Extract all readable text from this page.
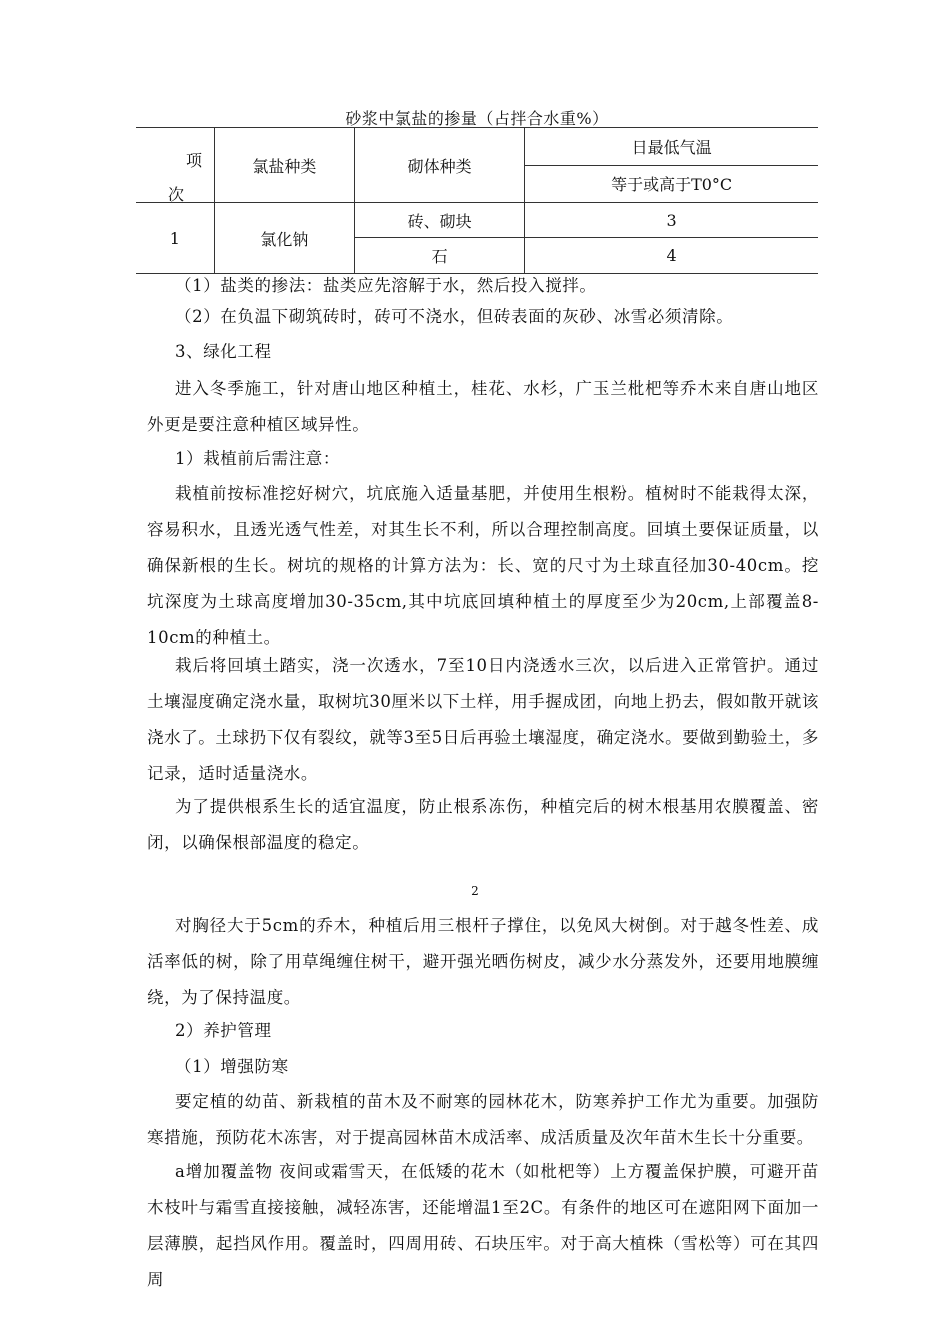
砂浆中氯盐的掺量（占拌合水重%）
项
次	氯盐种类	砌体种类	日最低气温
			等于或高于T0°C
1	氯化钠	砖、砌块	3
		石	4

（1）盐类的掺法：盐类应先溶解于水，然后投入搅拌。

（2）在负温下砌筑砖时，砖可不浇水，但砖表面的灰砂、冰雪必须清除。

3、绿化工程

进入冬季施工，针对唐山地区种植土，桂花、水杉，广玉兰枇杷等乔木来自唐山地区外更是要注意种植区域异性。

1）栽植前后需注意：

栽植前按标准挖好树穴，坑底施入适量基肥，并使用生根粉。植树时不能栽得太深，容易积水，且透光透气性差，对其生长不利，所以合理控制高度。回填土要保证质量，以确保新根的生长。树坑的规格的计算方法为：长、宽的尺寸为土球直径加30-40cm。挖坑深度为土球高度增加30-35cm,其中坑底回填种植土的厚度至少为20cm,上部覆盖8-10cm的种植土。

栽后将回填土踏实，浇一次透水，7至10日内浇透水三次，以后进入正常管护。通过土壤湿度确定浇水量，取树坑30厘米以下土样，用手握成团，向地上扔去，假如散开就该浇水了。土球扔下仅有裂纹，就等3至5日后再验土壤湿度，确定浇水。要做到勤验土，多记录，适时适量浇水。

为了提供根系生长的适宜温度，防止根系冻伤，种植完后的树木根基用农膜覆盖、密闭，以确保根部温度的稳定。

2

对胸径大于5cm的乔木，种植后用三根杆子撑住，以免风大树倒。对于越冬性差、成活率低的树，除了用草绳缠住树干，避开强光晒伤树皮，减少水分蒸发外，还要用地膜缠绕，为了保持温度。

2）养护管理

（1）增强防寒

要定植的幼苗、新栽植的苗木及不耐寒的园林花木，防寒养护工作尤为重要。加强防寒措施，预防花木冻害，对于提高园林苗木成活率、成活质量及次年苗木生长十分重要。

a增加覆盖物 夜间或霜雪天，在低矮的花木（如枇杷等）上方覆盖保护膜，可避开苗木枝叶与霜雪直接接触，减轻冻害，还能增温1至2C。有条件的地区可在遮阳网下面加一层薄膜，起挡风作用。覆盖时，四周用砖、石块压牢。对于高大植株（雪松等）可在其四周
